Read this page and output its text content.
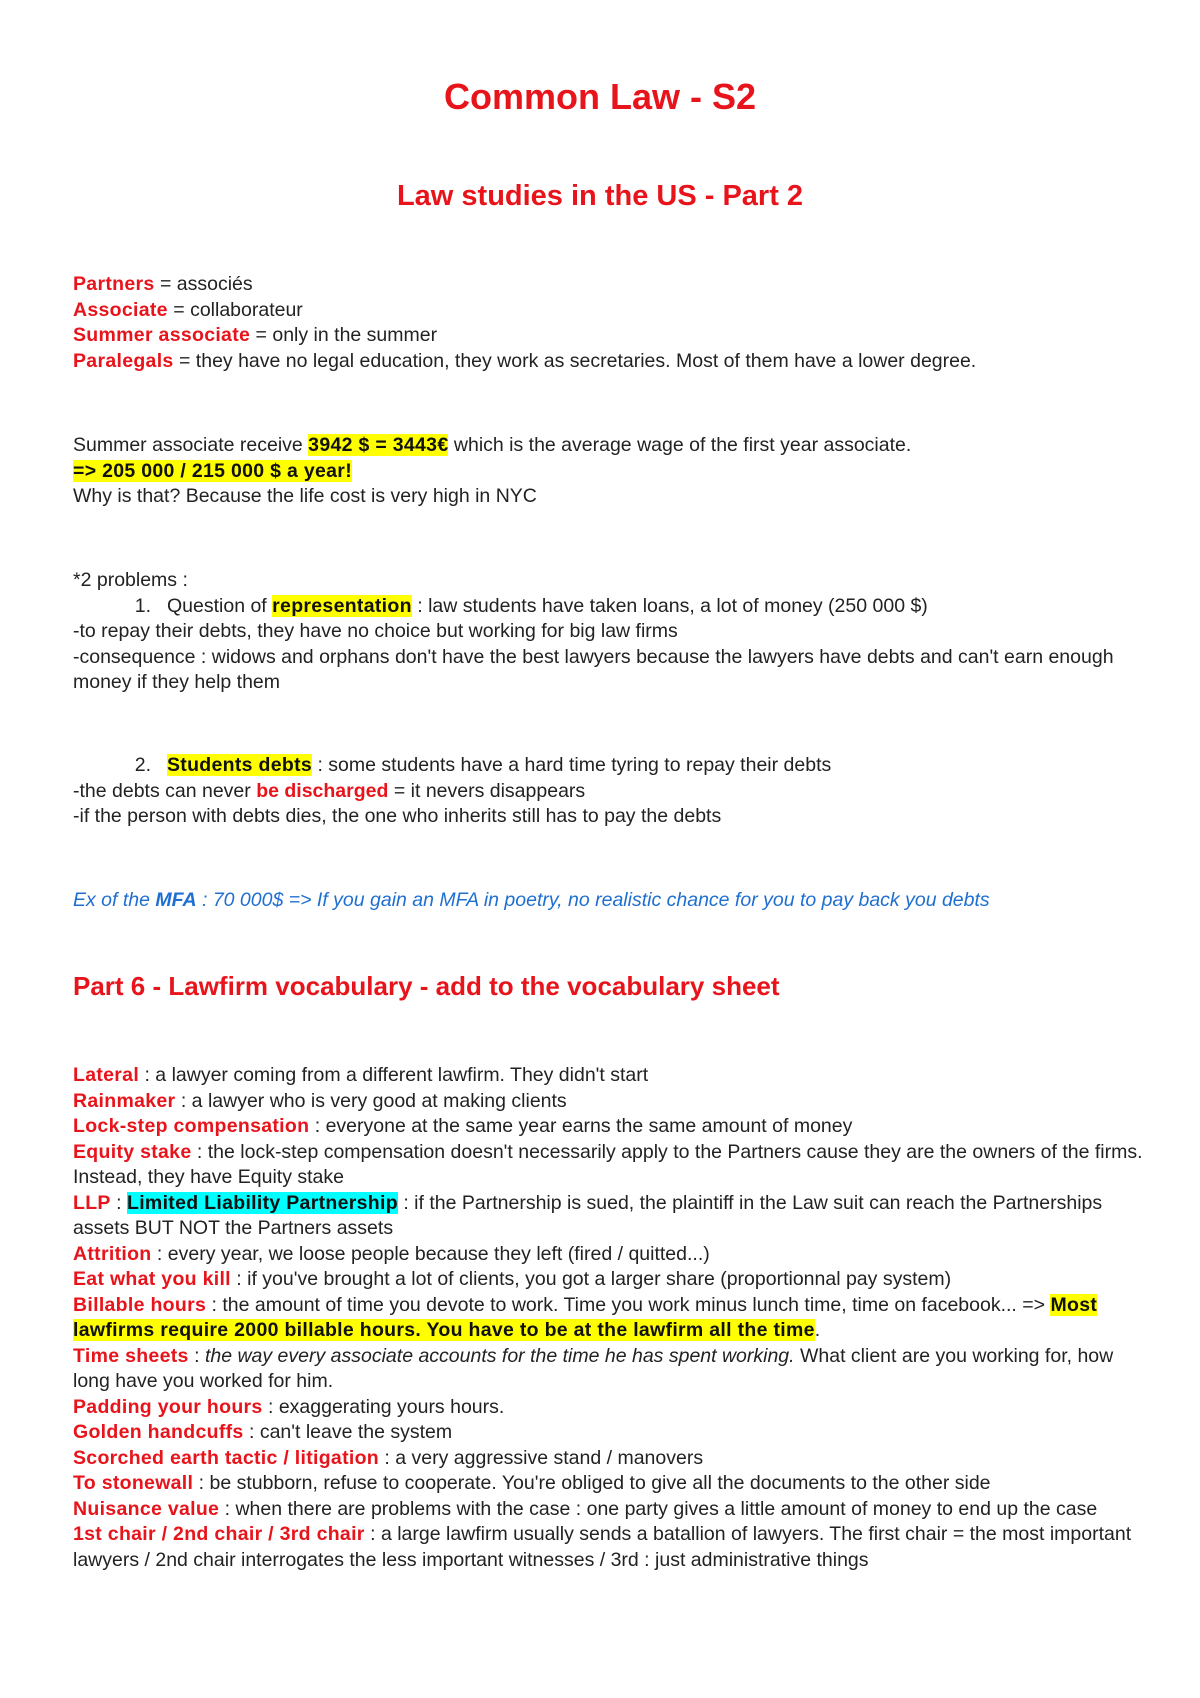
Common Law - S2
Law studies in the US - Part 2
Partners = associés
Associate = collaborateur
Summer associate = only in the summer
Paralegals = they have no legal education, they work as secretaries. Most of them have a lower degree.
Summer associate receive 3942 $ = 3443€ which is the average wage of the first year associate.
=> 205 000 / 215 000 $ a year!
Why is that? Because the life cost is very high in NYC
*2 problems :
1. Question of representation : law students have taken loans, a lot of money (250 000 $)
-to repay their debts, they have no choice but working for big law firms
-consequence : widows and orphans don't have the best lawyers because the lawyers have debts and can't earn enough money if they help them
2. Students debts : some students have a hard time tyring to repay their debts
-the debts can never be discharged = it nevers disappears
-if the person with debts dies, the one who inherits still has to pay the debts
Ex of the MFA : 70 000$ => If you gain an MFA in poetry, no realistic chance for you to pay back you debts
Part 6 - Lawfirm vocabulary - add to the vocabulary sheet
Lateral : a lawyer coming from a different lawfirm. They didn't start
Rainmaker : a lawyer who is very good at making clients
Lock-step compensation : everyone at the same year earns the same amount of money
Equity stake : the lock-step compensation doesn't necessarily apply to the Partners cause they are the owners of the firms. Instead, they have Equity stake
LLP : Limited Liability Partnership : if the Partnership is sued, the plaintiff in the Law suit can reach the Partnerships assets BUT NOT the Partners assets
Attrition : every year, we loose people because they left (fired / quitted...)
Eat what you kill : if you've brought a lot of clients, you got a larger share (proportionnal pay system)
Billable hours : the amount of time you devote to work. Time you work minus lunch time, time on facebook... => Most lawfirms require 2000 billable hours. You have to be at the lawfirm all the time.
Time sheets : the way every associate accounts for the time he has spent working. What client are you working for, how long have you worked for him.
Padding your hours : exaggerating yours hours.
Golden handcuffs : can't leave the system
Scorched earth tactic / litigation : a very aggressive stand / manovers
To stonewall : be stubborn, refuse to cooperate. You're obliged to give all the documents to the other side
Nuisance value : when there are problems with the case : one party gives a little amount of money to end up the case
1st chair / 2nd chair / 3rd chair : a large lawfirm usually sends a batallion of lawyers. The first chair = the most important lawyers / 2nd chair interrogates the less important witnesses / 3rd : just administrative things
